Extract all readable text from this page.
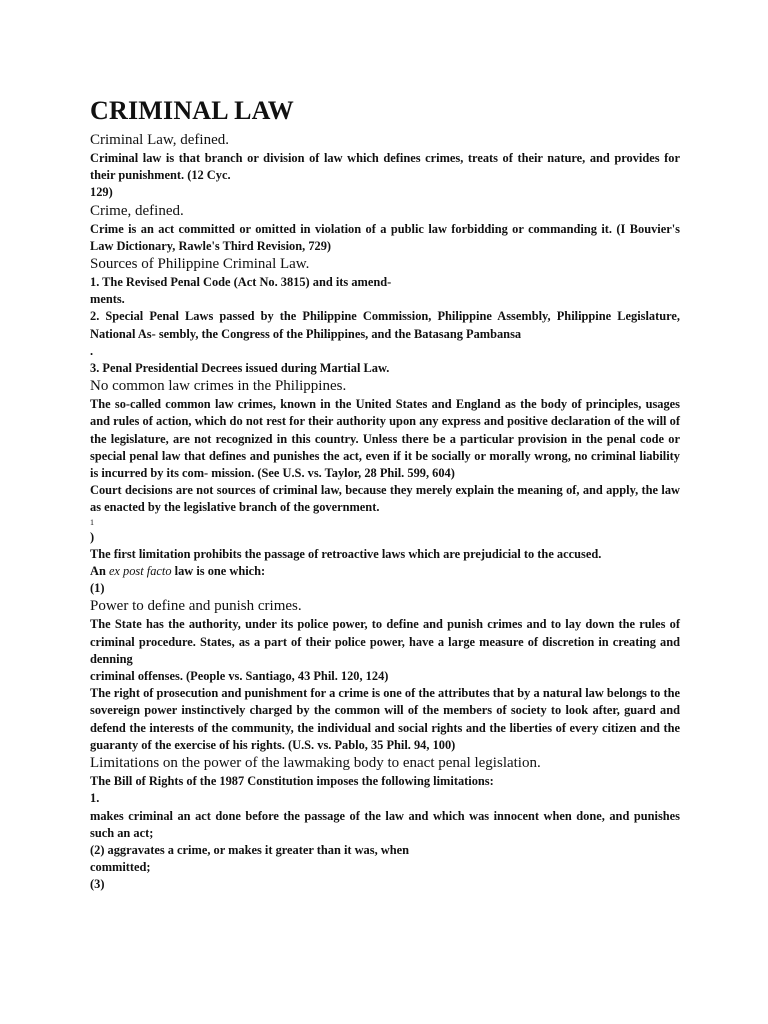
CRIMINAL LAW
Criminal Law, defined.
Criminal law is that branch or division of law which defines crimes, treats of their nature, and provides for their punishment. (12 Cyc.
129)
Crime, defined.
Crime is an act committed or omitted in violation of a public law forbidding or commanding it. (I Bouvier's Law Dictionary, Rawle's Third Revision, 729)
Sources of Philippine Criminal Law.
1. The Revised Penal Code (Act No. 3815) and its amend-
ments.
2. Special Penal Laws passed by the Philippine Commission, Philippine Assembly, Philippine Legislature, National As- sembly, the Congress of the Philippines, and the Batasang Pambansa
.
3. Penal Presidential Decrees issued during Martial Law.
No common law crimes in the Philippines.
The so-called common law crimes, known in the United States and England as the body of principles, usages and rules of action, which do not rest for their authority upon any express and positive declaration of the will of the legislature, are not recognized in this country. Unless there be a particular provision in the penal code or special penal law that defines and punishes the act, even if it be socially or morally wrong, no criminal liability is incurred by its com- mission. (See U.S. vs. Taylor, 28 Phil. 599, 604)
Court decisions are not sources of criminal law, because they merely explain the meaning of, and apply, the law as enacted by the legislative branch of the government.
1
)
The first limitation prohibits the passage of retroactive laws which are prejudicial to the accused.
An ex post facto law is one which:
(1)
Power to define and punish crimes.
The State has the authority, under its police power, to define and punish crimes and to lay down the rules of criminal procedure. States, as a part of their police power, have a large measure of discretion in creating and denning
criminal offenses. (People vs. Santiago, 43 Phil. 120, 124)
The right of prosecution and punishment for a crime is one of the attributes that by a natural law belongs to the sovereign power instinctively charged by the common will of the members of society to look after, guard and defend the interests of the community, the individual and social rights and the liberties of every citizen and the guaranty of the exercise of his rights. (U.S. vs. Pablo, 35 Phil. 94, 100)
Limitations on the power of the lawmaking body to enact penal legislation.
The Bill of Rights of the 1987 Constitution imposes the following limitations:
1.
makes criminal an act done before the passage of the law and which was innocent when done, and punishes such an act;
(2) aggravates a crime, or makes it greater than it was, when
committed;
(3)
